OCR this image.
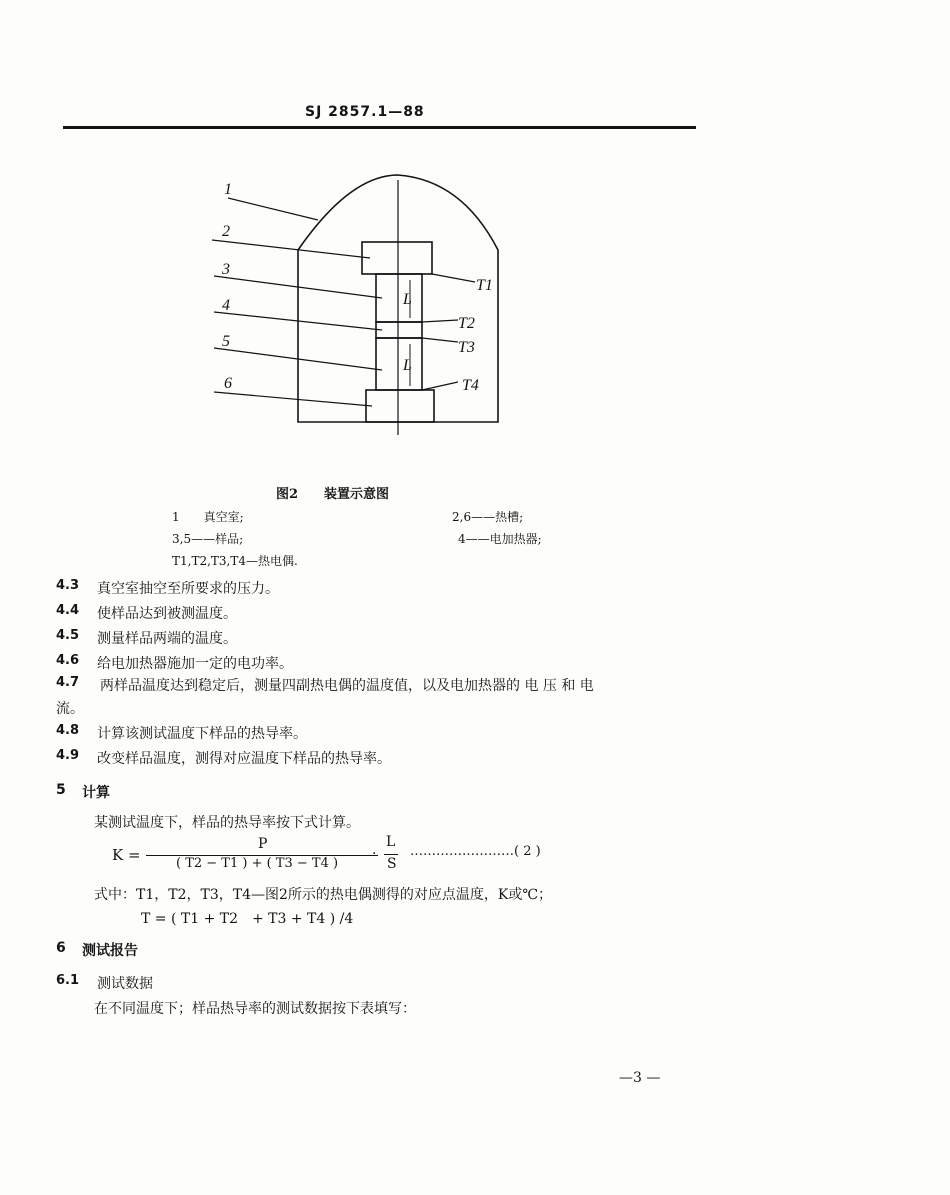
SJ 2857.1—88
1
2
3
4
5
6
T1
T2
T3
T4
L
L
图2　　装置示意图
1　　真空室;	2,6——热槽;
3,5——样品;	4——电加热器;
T1,T2,T3,T4—热电偶.
4.3 真空室抽空至所要求的压力。
4.4 使样品达到被测温度。
4.5 测量样品两端的温度。
4.6 给电加热器施加一定的电功率。
4.7 两样品温度达到稳定后，测量四副热电偶的温度值，以及电加热器的 电 压 和 电
流。
4.8 计算该测试温度下样品的热导率。
4.9 改变样品温度，测得对应温度下样品的热导率。
5 计算
某测试温度下，样品的热导率按下式计算。
K =
P
( T2 − T1 ) + ( T3 − T4 )
·
L
S
……………………( 2 )
式中：T1，T2，T3，T4—图2所示的热电偶测得的对应点温度，K或℃；
T = ( T1 + T2　+ T3 + T4 ) /4
6 测试报告
6.1 测试数据
在不同温度下；样品热导率的测试数据按下表填写：
—3 —
